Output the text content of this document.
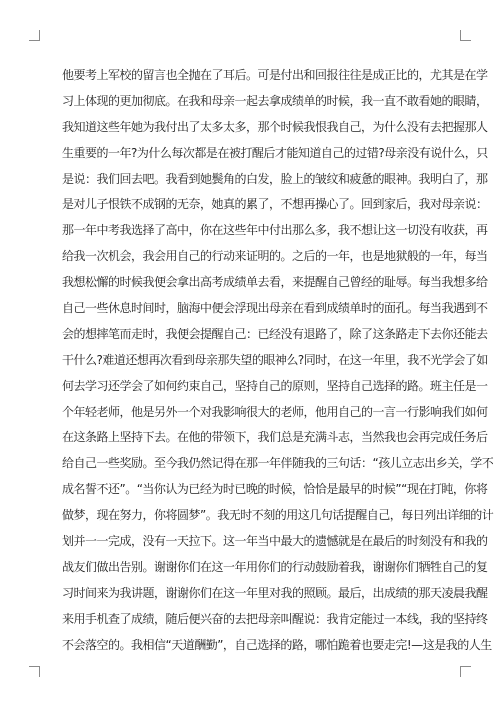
他要考上军校的留言也全抛在了耳后。可是付出和回报往往是成正比的，尤其是在学
习上体现的更加彻底。在我和母亲一起去拿成绩单的时候，我一直不敢看她的眼睛，
我知道这些年她为我付出了太多太多，那个时候我恨我自己，为什么没有去把握那人
生重要的一年?为什么每次都是在被打醒后才能知道自己的过错?母亲没有说什么，只
是说：我们回去吧。我看到她鬓角的白发，脸上的皱纹和疲惫的眼神。我明白了，那
是对儿子恨铁不成钢的无奈，她真的累了，不想再操心了。回到家后，我对母亲说：
那一年中考我选择了高中，你在这些年中付出那么多，我不想让这一切没有收获，再
给我一次机会，我会用自己的行动来证明的。之后的一年，也是地狱般的一年，每当
我想松懈的时候我便会拿出高考成绩单去看，来提醒自己曾经的耻辱。每当我想多给
自己一些休息时间时，脑海中便会浮现出母亲在看到成绩单时的面孔。每当我遇到不
会的想摔笔而走时，我便会提醒自己：已经没有退路了，除了这条路走下去你还能去
干什么?难道还想再次看到母亲那失望的眼神么?同时，在这一年里，我不光学会了如
何去学习还学会了如何约束自己，坚持自己的原则，坚持自己选择的路。班主任是一
个年轻老师，他是另外一个对我影响很大的老师，他用自己的一言一行影响我们如何
在这条路上坚持下去。在他的带领下，我们总是充满斗志，当然我也会再完成任务后
给自己一些奖励。至今我仍然记得在那一年伴随我的三句话：“孩儿立志出乡关，学不
成名誓不还”。“当你认为已经为时已晚的时候，恰恰是最早的时候”“现在打盹，你将
做梦，现在努力，你将圆梦”。我无时不刻的用这几句话提醒自己，每日列出详细的计
划并一一完成，没有一天拉下。这一年当中最大的遗憾就是在最后的时刻没有和我的
战友们做出告别。谢谢你们在这一年用你们的行动鼓励着我，谢谢你们牺牲自己的复
习时间来为我讲题，谢谢你们在这一年里对我的照顾。最后，出成绩的那天凌晨我醒
来用手机查了成绩，随后便兴奋的去把母亲叫醒说：我肯定能过一本线，我的坚持终
不会落空的。我相信“天道酬勤”，自己选择的路，哪怕跪着也要走完!—这是我的人生
